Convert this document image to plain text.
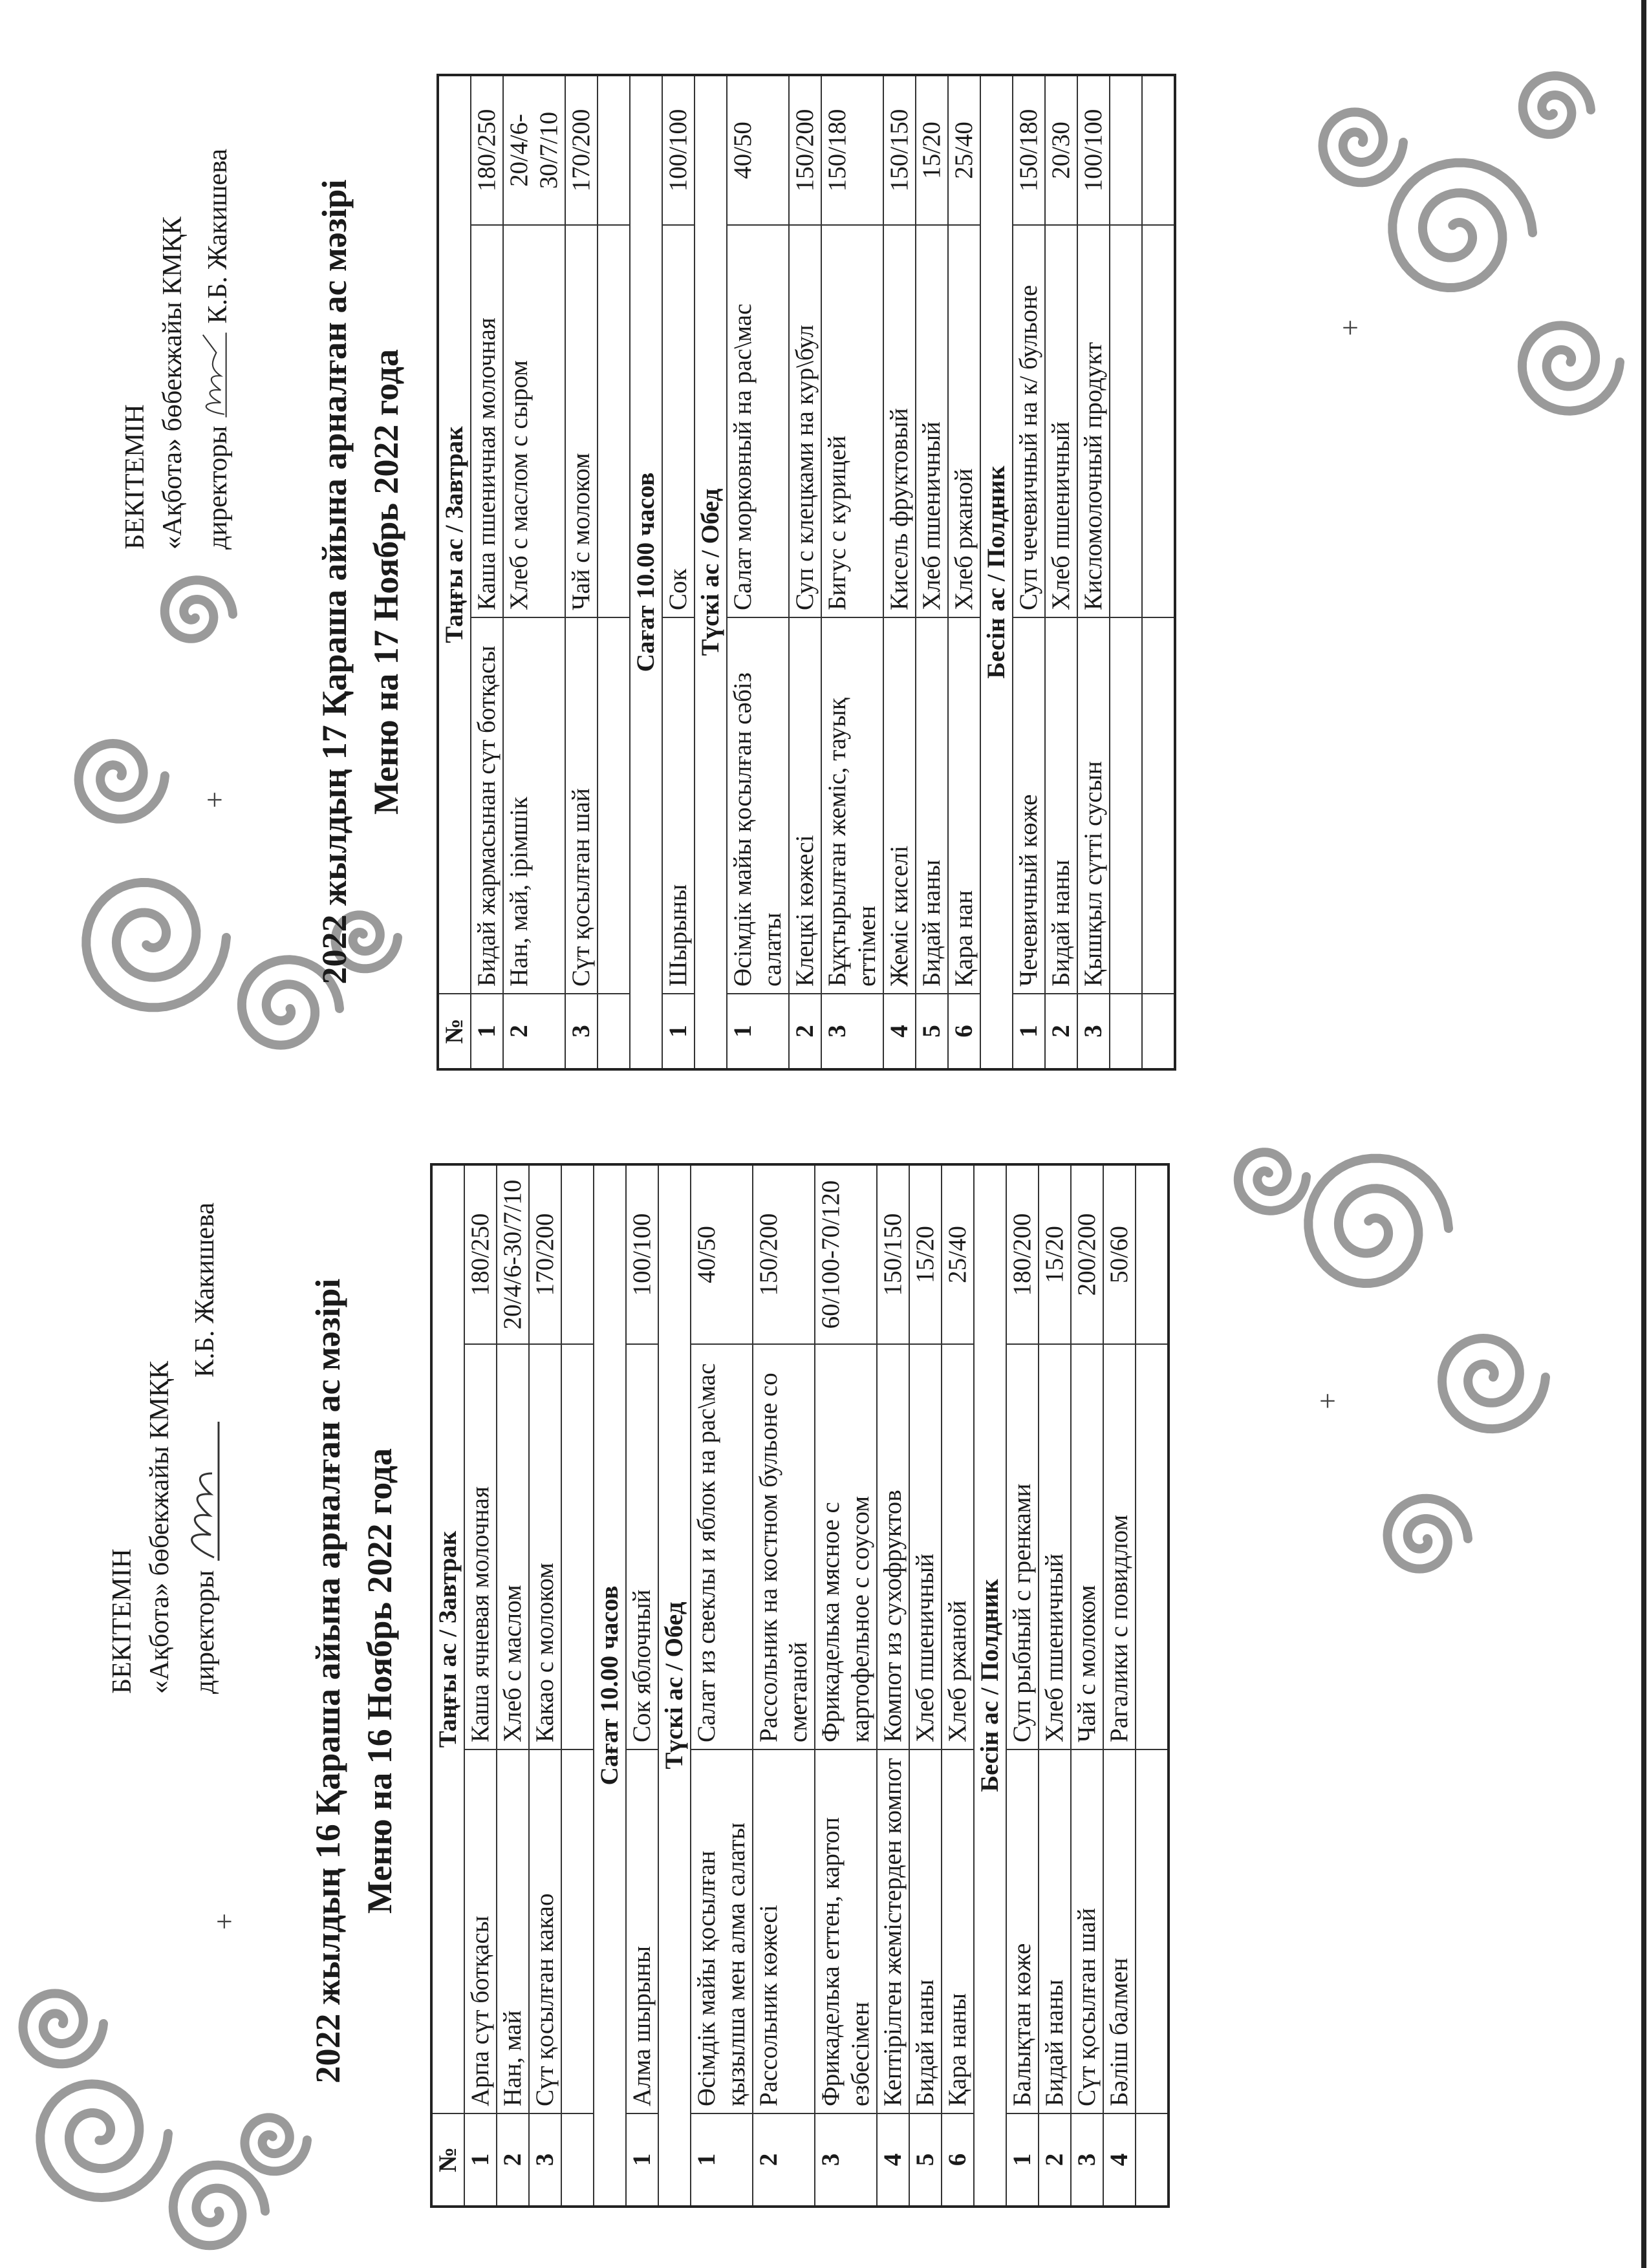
БЕКІТЕМІН «Ақбота» бөбекжайы КМҚК директоры
К.Б. Жакишева
+ 2022 жылдың 16 Қараша айына арналған ас мәзірі Меню на 16 Ноябрь 2022 года
№	Таңғы ас / Завтрак		
1	Арпа сүт ботқасы	Каша ячневая молочная	180/250
2	Нан, май	Хлеб с маслом	20/4/6-30/7/10
3	Сүт қосылған какао	Какао с молоком	170/200

Сағат 10.00 часов			
1	Алма шырыны	Сок яблочный	100/100
Түскі ас / Обед			
1	Өсімдік майы қосылған қызылша мен алма салаты	Салат из свеклы и яблок на рас\мас	40/50
2	Рассольник көжесі	Рассольник на костном бульоне со сметаной	150/200
3	Фрикаделька еттен, картоп езбесімен	Фрикаделька мясное с картофельное с соусом	60/100-70/120
4	Кептірілген жемістерден компот	Компот из сухофруктов	150/150
5	Бидай наны	Хлеб пшеничный	15/20
6	Қара наны	Хлеб ржаной	25/40
Бесін ас / Полдник			
1	Балықтан көже	Суп рыбный с гренками	180/200
2	Бидай наны	Хлеб пшеничный	15/20
3	Сүт қосылған шай	Чай с молоком	200/200
4	Бәліш балмен	Рагалики с повидлом	50/60

БЕКІТЕМІН «Ақбота» бөбекжайы КМҚК директоры
К.Б. Жакишева
+ 2022 жылдың 17 Қараша айына арналған ас мәзірі Меню на 17 Ноябрь 2022 года
№	Таңғы ас / Завтрак		
1	Бидай жармасынан сүт ботқасы	Каша пшеничная молочная	180/250
2	Нан, май, ірімшік	Хлеб с маслом с сыром	20/4/6-30/7/10
3	Сүт қосылған шай	Чай с молоком	170/200

Сағат 10.00 часов			
1	Шырыны	Сок	100/100
Түскі ас / Обед			
1	Өсімдік майы қосылған сәбіз салаты	Салат морковный на рас\мас	40/50
2	Клецкі көжесі	Суп с клецками на кур\бул	150/200
3	Бұқтырылған жеміс, тауық еттімен	Бигус с курицей	150/180
4	Жеміс киселі	Кисель фруктовый	150/150
5	Бидай наны	Хлеб пшеничный	15/20
6	Қара нан	Хлеб ржаной	25/40
Бесін ас / Полдник			
1	Чечевичный көже	Суп чечевичный на к/ бульоне	150/180
2	Бидай наны	Хлеб пшеничный	20/30
3	Қышқыл сүтті сусын	Кисломолочный продукт	100/100

+
+
